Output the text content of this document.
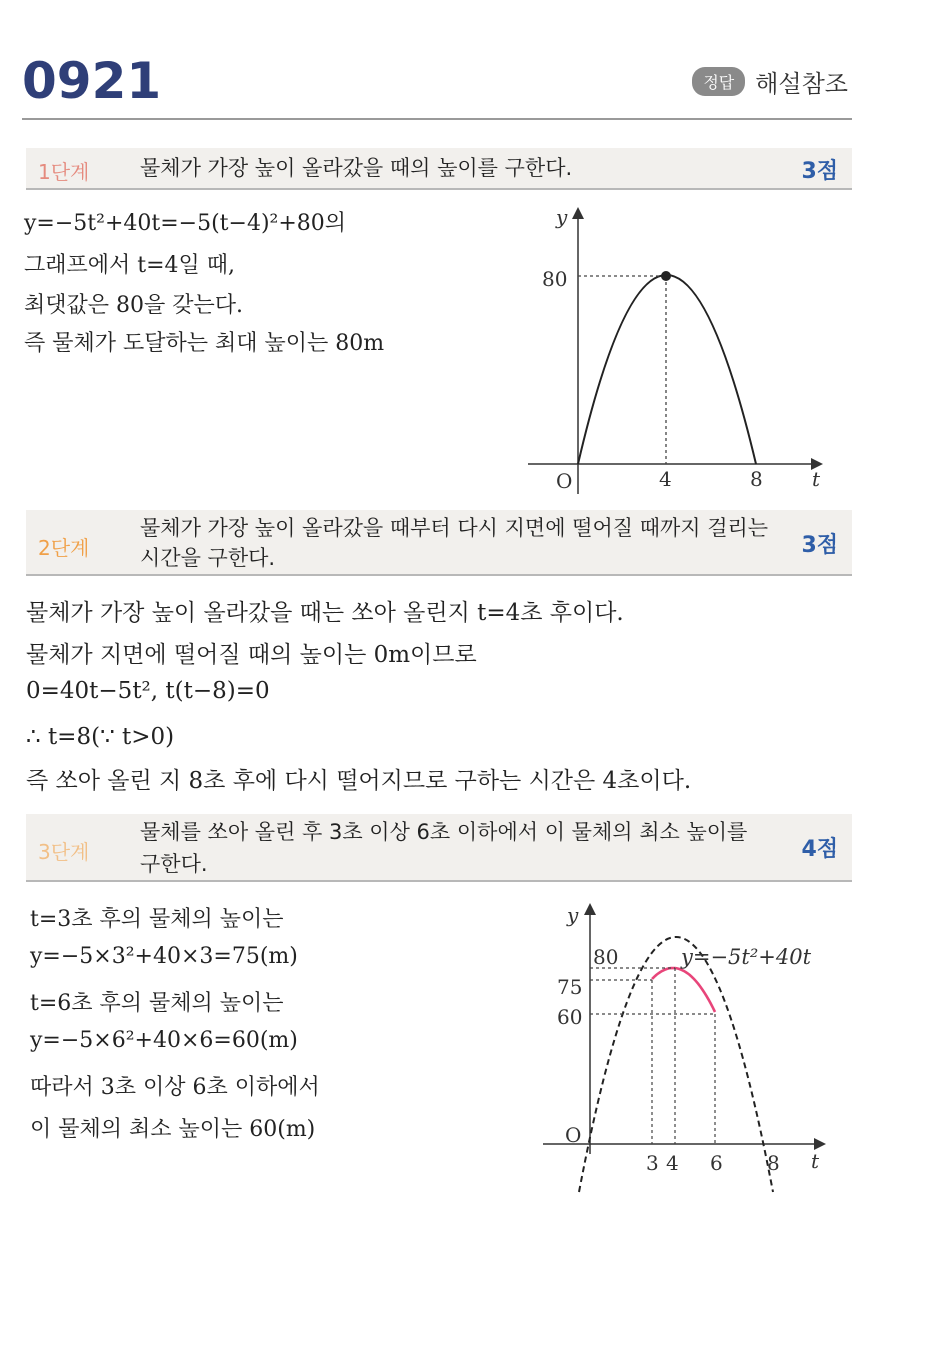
0921	정답 해설참조
1단계 물체가 가장 높이 올라갔을 때의 높이를 구한다.	3점
y=−5t²+40t=−5(t−4)²+80의
그래프에서 t=4일 때,
최댓값은 80을 갖는다.
즉 물체가 도달하는 최대 높이는 80m
y
t
O
80
4	8
2단계
물체가 가장 높이 올라갔을 때부터 다시 지면에 떨어질 때까지 걸리는
시간을 구한다.	3점
물체가 가장 높이 올라갔을 때는 쏘아 올린지 t=4초 후이다.
물체가 지면에 떨어질 때의 높이는 0m이므로
0=40t−5t², t(t−8)=0
∴ t=8(∵ t>0)
즉 쏘아 올린 지 8초 후에 다시 떨어지므로 구하는 시간은 4초이다.
3단계
물체를 쏘아 올린 후 3초 이상 6초 이하에서 이 물체의 최소 높이를
구한다.
4점
t=3초 후의 물체의 높이는
y=−5×3²+40×3=75(m)
t=6초 후의 물체의 높이는
y=−5×6²+40×6=60(m)
따라서 3초 이상 6초 이하에서
이 물체의 최소 높이는 60(m)
y
t
O
y=−5t²+40t
80
75
60
3 4 6 8
